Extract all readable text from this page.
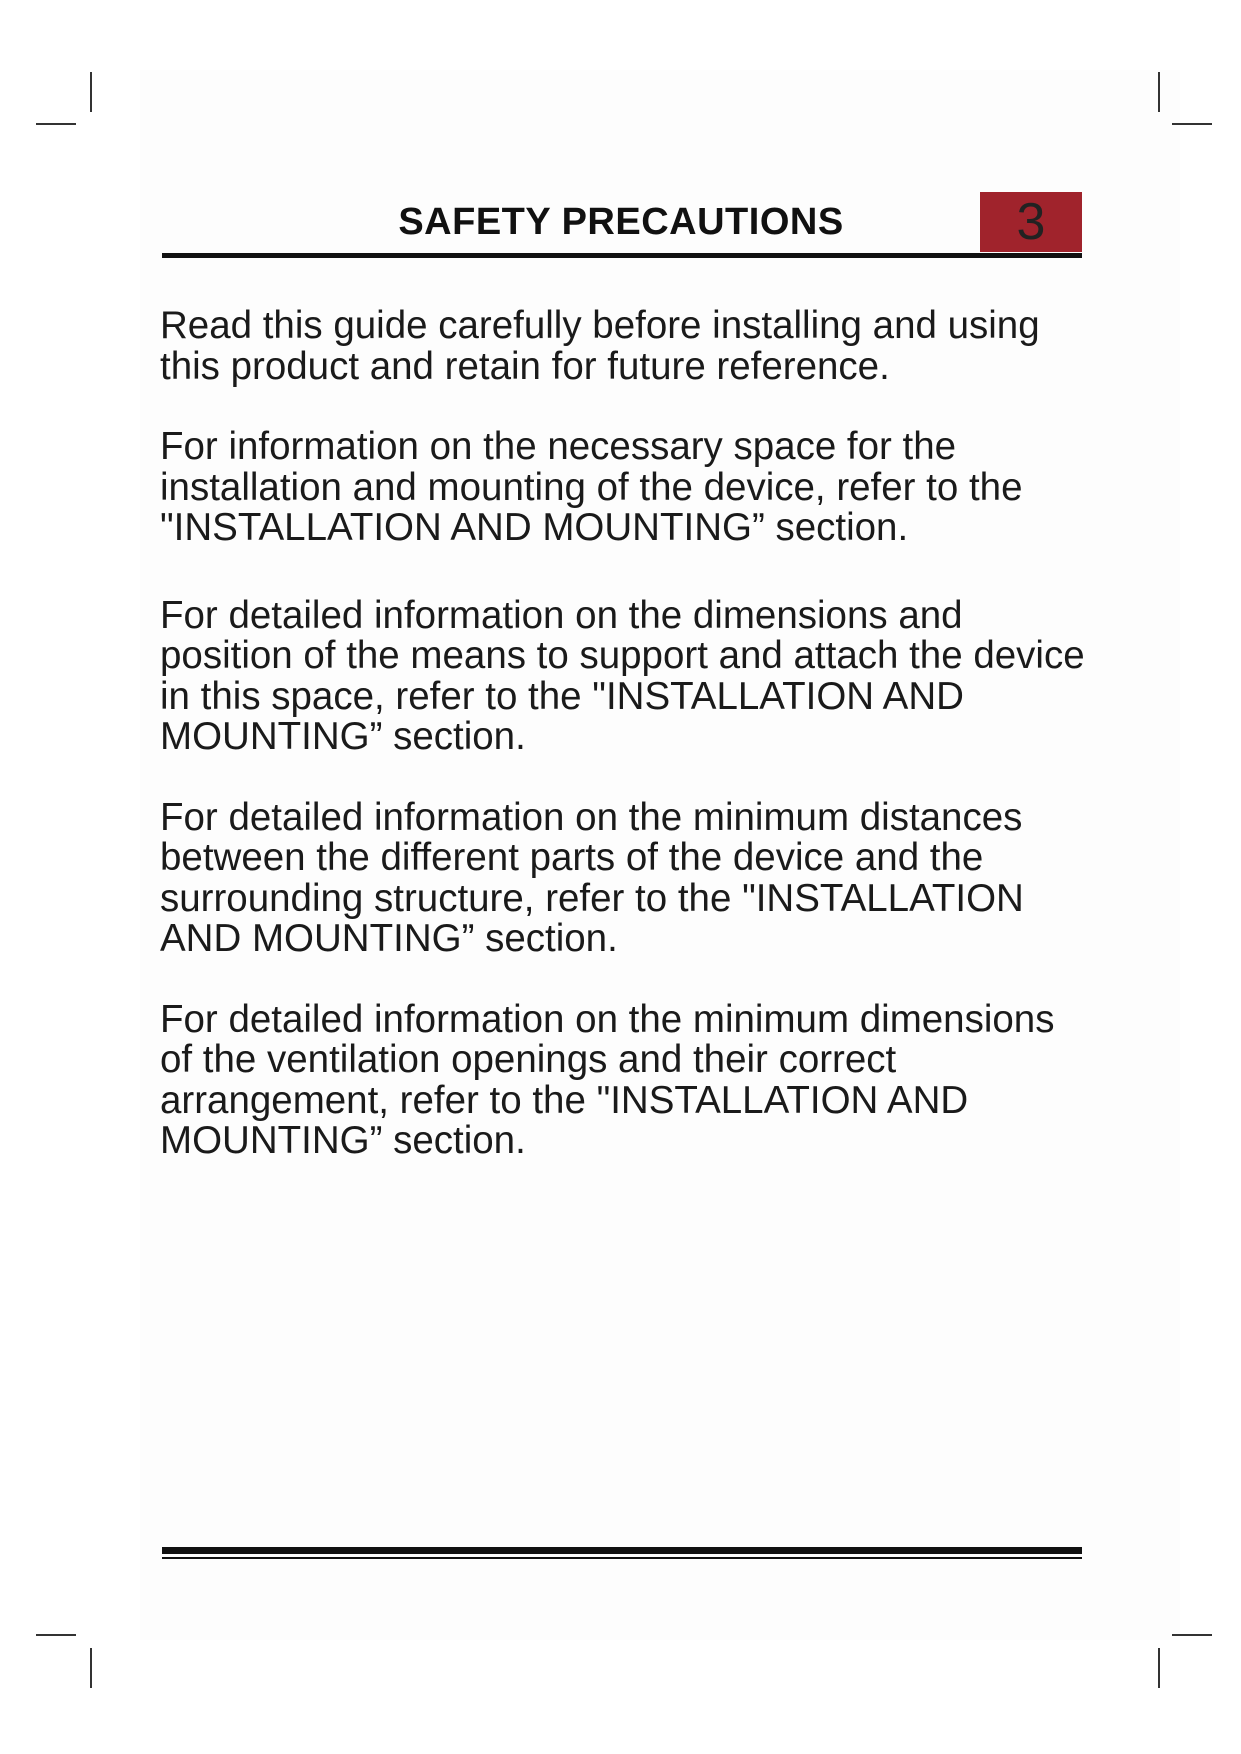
SAFETY PRECAUTIONS	3

Read this guide carefully before installing and using this product and retain for future reference.

For information on the necessary space for the installation and mounting of the device, refer to the "INSTALLATION AND MOUNTING” section.

For detailed information on the dimensions and position of the means to support and attach the device in this space, refer to the "INSTALLATION AND MOUNTING” section.

For detailed information on the minimum distances between the different parts of the device and the surrounding structure, refer to the "INSTALLATION AND MOUNTING” section.

For detailed information on the minimum dimensions of the ventilation openings and their correct arrangement, refer to the "INSTALLATION AND MOUNTING” section.
